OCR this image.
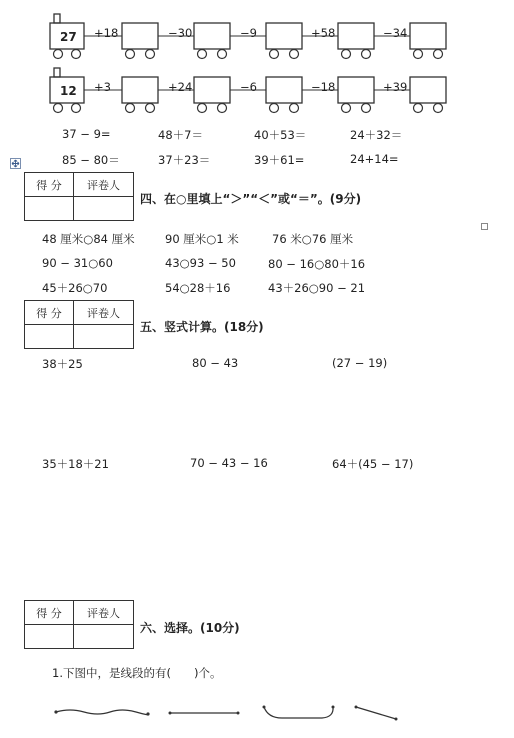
27 +18	−30	−9	+58	−34
12 +3	+24	−6	−18	+39
37 − 9=	48＋7＝	40＋53＝	24＋32＝
85 − 80＝	37＋23＝	39＋61=	24+14=
得 分	评卷人

四、在○里填上“＞”“＜”或“＝”。(9分)
48 厘米○84 厘米	90 厘米○1 米	76 米○76 厘米
90 − 31○60	43○93 − 50	80 − 16○80＋16
45＋26○70	54○28＋16	43＋26○90 − 21
得 分	评卷人

五、竖式计算。(18分)
38＋25	80 − 43	(27 − 19)
35＋18＋21	70 − 43 − 16	64＋(45 − 17)
得 分	评卷人

六、选择。(10分)
1.下图中，是线段的有(　　)个。
